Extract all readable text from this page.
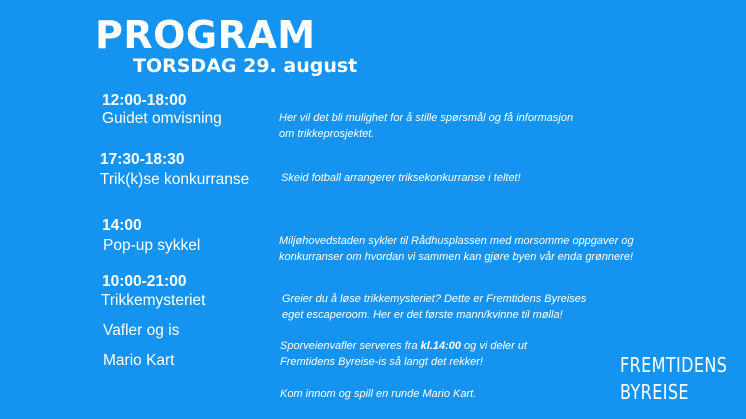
PROGRAM
TORSDAG 29. august
12:00-18:00
Guidet omvisning	Her vil det bli mulighet for å stille spørsmål og få informasjon
om trikkeprosjektet.
17:30-18:30
Trik(k)se konkurranse	Skeid fotball arrangerer triksekonkurranse i teltet!
14:00
Pop-up sykkel	Miljøhovedstaden sykler til Rådhusplassen med morsomme oppgaver og
konkurranser om hvordan vi sammen kan gjøre byen vår enda grønnere!
10:00-21:00
Trikkemysteriet	Greier du å løse trikkemysteriet? Dette er Fremtidens Byreises
eget escaperoom. Her er det første mann/kvinne til mølla!
Vafler og is
Sporveienvafler serveres fra kl.14:00 og vi deler ut
Fremtidens Byreise-is så langt det rekker!
Mario Kart
Kom innom og spill en runde Mario Kart.
FREMTIDENS
BYREISE
